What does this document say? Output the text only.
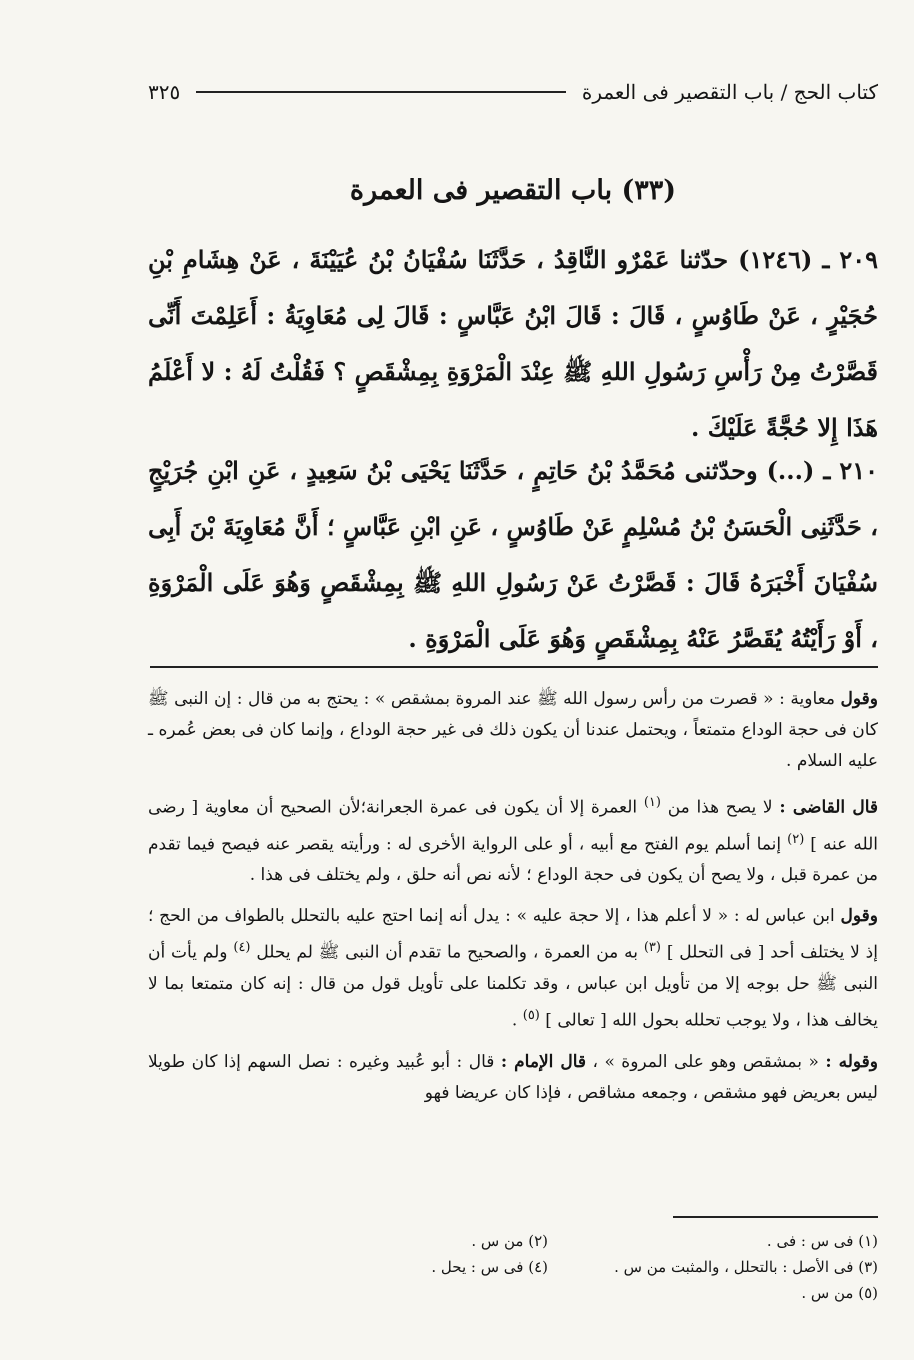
كتاب الحج / باب التقصير فى العمرة
٣٢٥
(٣٣) باب التقصير فى العمرة
٢٠٩ ـ (١٢٤٦) حدّثنا عَمْرٌو النَّاقِدُ ، حَدَّثَنَا سُفْيَانُ بْنُ عُيَيْنَةَ ، عَنْ هِشَامِ بْنِ حُجَيْرٍ ، عَنْ طَاوُسٍ ، قَالَ : قَالَ ابْنُ عَبَّاسٍ : قَالَ لِى مُعَاوِيَةُ : أَعَلِمْتَ أَنِّى قَصَّرْتُ مِنْ رَأْسِ رَسُولِ اللهِ ﷺ عِنْدَ الْمَرْوَةِ بِمِشْقَصٍ ؟ فَقُلْتُ لَهُ : لا أَعْلَمُ هَذَا إِلا حُجَّةً عَلَيْكَ .
٢١٠ ـ (...) وحدّثنى مُحَمَّدُ بْنُ حَاتِمٍ ، حَدَّثَنَا يَحْيَى بْنُ سَعِيدٍ ، عَنِ ابْنِ جُرَيْجٍ ، حَدَّثَنِى الْحَسَنُ بْنُ مُسْلِمٍ عَنْ طَاوُسٍ ، عَنِ ابْنِ عَبَّاسٍ ؛ أَنَّ مُعَاوِيَةَ بْنَ أَبِى سُفْيَانَ أَخْبَرَهُ قَالَ : قَصَّرْتُ عَنْ رَسُولِ اللهِ ﷺ بِمِشْقَصٍ وَهُوَ عَلَى الْمَرْوَةِ ، أَوْ رَأَيْتُهُ يُقَصَّرُ عَنْهُ بِمِشْقَصٍ وَهُوَ عَلَى الْمَرْوَةِ .

وقول معاوية : « قصرت من رأس رسول الله ﷺ عند المروة بمشقص » : يحتج به من قال : إن النبى ﷺ كان فى حجة الوداع متمتعاً ، ويحتمل عندنا أن يكون ذلك فى غير حجة الوداع ، وإنما كان فى بعض عُمره ـ عليه السلام .

قال القاضى : لا يصح هذا من $^{(١)}$ العمرة إلا أن يكون فى عمرة الجعرانة؛لأن الصحيح أن معاوية [ رضى الله عنه ] $^{(٢)}$ إنما أسلم يوم الفتح مع أبيه ، أو على الرواية الأخرى له : ورأيته يقصر عنه فيصح فيما تقدم من عمرة قبل ، ولا يصح أن يكون فى حجة الوداع ؛ لأنه نص أنه حلق ، ولم يختلف فى هذا .

وقول ابن عباس له : « لا أعلم هذا ، إلا حجة عليه » : يدل أنه إنما احتج عليه بالتحلل بالطواف من الحج ؛ إذ لا يختلف أحد [ فى التحلل ] $^{(٣)}$ به من العمرة ، والصحيح ما تقدم أن النبى ﷺ لم يحلل $^{(٤)}$ ولم يأت أن النبى ﷺ حل بوجه إلا من تأويل ابن عباس ، وقد تكلمنا على تأويل قول من قال : إنه كان متمتعا بما لا يخالف هذا ، ولا يوجب تحلله بحول الله [ تعالى ] $^{(٥)}$ .

وقوله : « بمشقص وهو على المروة » ، قال الإمام : قال : أبو عُبيد وغيره : نصل السهم إذا كان طويلا ليس بعريض فهو مشقص ، وجمعه مشاقص ، فإذا كان عريضا فهو

(١) فى س : فى .
(٢) من س .
(٣) فى الأصل : بالتحلل ، والمثبت من س .
(٤) فى س : يحل .
(٥) من س .
